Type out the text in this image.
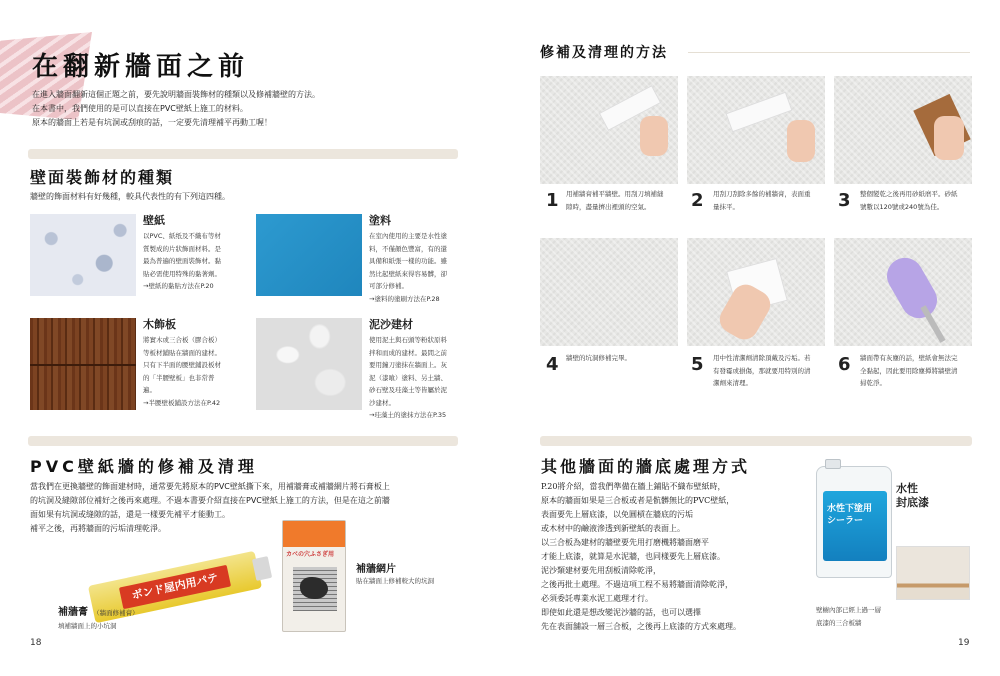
在翻新牆面之前
在進入牆面翻新這個正題之前，要先說明牆面裝飾材的種類以及修補牆壁的方法。
在本書中，我們使用的是可以直接在PVC壁紙上施工的材料。
原本的牆面上若是有坑洞或刮痕的話，一定要先清理補平再動工喔！
壁面裝飾材的種類
牆壁的飾面材料有好幾種，較具代表性的有下列這四種。
壁紙
以PVC、紙纸及不織布等材
質製成的片狀飾面材料。是
最為普遍的壁面裝飾材。黏
貼必需使用特殊的黏著劑。
→壁紙的黏貼方法在P.20
塗料
在室內使用的主要是水性塗
料，不僅顏色豐富，有的還
具備和紙張一樣的功能。雖
然比起壁紙來得容易髒，卻
可部分修補。
→塗料的塗刷方法在P.28
木飾板
將實木或三合板（膠合板）
等板材鋪貼在牆面的建材。
只有下半面的腰壁鋪設板材
的「半腰壁板」也非常普
遍。
→半腰壁板鋪設方法在P.42
泥沙建材
使用泥土與石頭等粉狀原料
拌和而成的建材。最間之前
要用鐘刀塗抹在牆面上。灰
泥（漆喰）塗料、另土牆、
砂石壁及珪藻土等皆屬於泥
沙建材。
→珪藻土的塗抹方法在P.35
PVC壁紙牆的修補及清理
當我們在更換牆壁的飾面建材時，通常要先將原本的PVC壁紙撕下來，用補牆膏或補牆網片將石膏板上
的坑洞及縫隙部位補好之後再來處理。不過本書要介紹直接在PVC壁紙上施工的方法，但是在這之前牆
面如果有坑洞或缝隙的話，還是一樣要先補平才能動工。
補平之後，再將牆面的污垢清理乾淨。
ボンド屋内用パテ
補牆膏 （牆面修補膏）
填補牆面上的小坑洞
カベの穴ふさぎ用
補牆網片
貼在牆面上修補較大的坑洞
18
修補及清理的方法
1 用補牆膏補平牆壁。用刮刀填補縫
隙時，盡量擠出裡頭的空氣。	2 用刮刀刮除多餘的補牆膏，表面重
量抹平。	3 整個變乾之後再用砂紙磨平。砂紙
號數以120號或240號為佳。
4 牆壁的坑洞修補完畢。	5 用中性清潔劑清除頂戴及污垢。若
有發霉或損傷，那就要用特別的清
潔劑來清理。
6 牆面帶有灰塵的話，壁紙會無法完
全黏起，因此要用除塵撢將牆壁清
掃乾淨。
其他牆面的牆底處理方式
P.20將介紹，當我們準備在牆上鋪貼不織布壁紙時，
原本的牆面如果是三合板或者是骯髒無比的PVC壁紙，
表面要先上層底漆，以免圓槓在牆底的污垢
或木材中的鹼液滲透到新壁紙的表面上。
以三合板為建材的牆壁要先用打磨機將牆面磨平
才能上底漆，就算是水泥牆，也同樣要先上層底漆。
泥沙類建材要先用刮板清除乾淨，
之後再批土處理。不過這項工程不易將牆面清除乾淨，
必須委託專業水泥工處理才行。
即使如此還是想改變泥沙牆的話，也可以選擇
先在表面舖設一層三合板，之後再上底漆的方式來處理。
水性下塗用 シーラー
水性
封底漆
壁櫥內部已經上過一層
底漆的三合板牆
19
